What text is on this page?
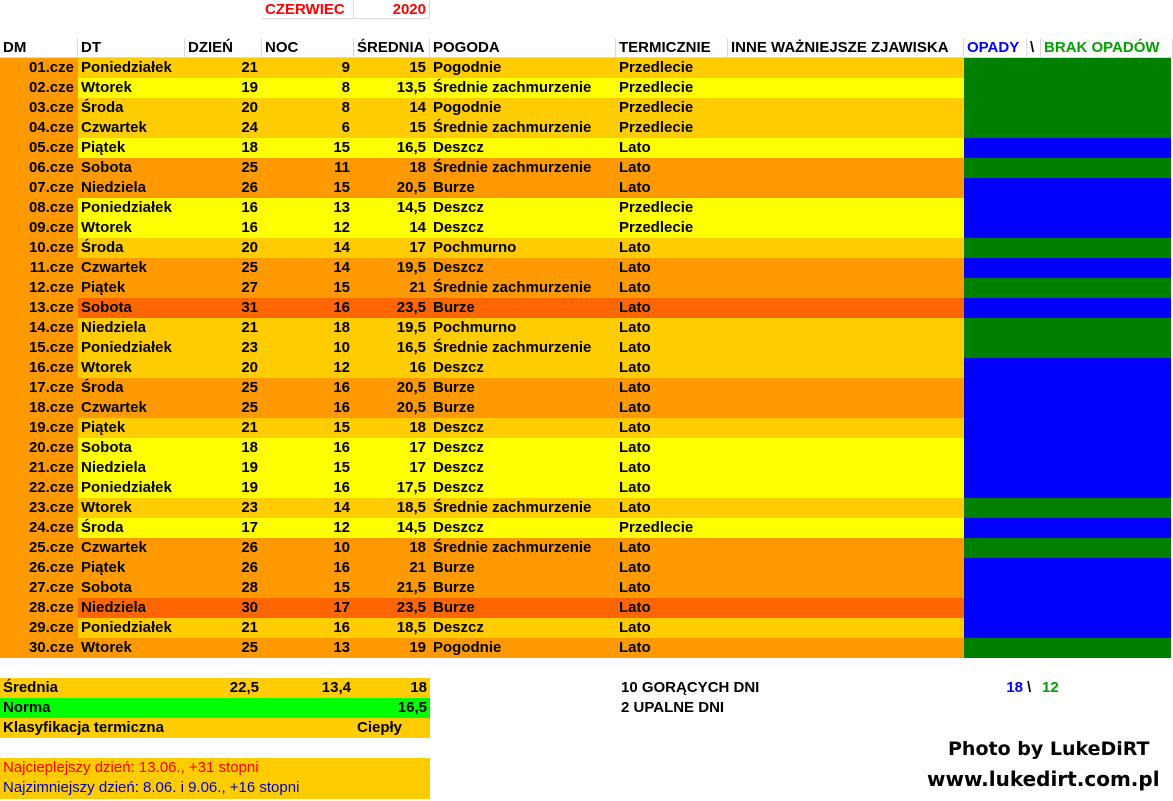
CZERWIEC	2020
DM	DT	DZIEŃ	NOC	ŚREDNIA POGODA	TERMICZNIE	INNE WAŻNIEJSZE ZJAWISKA	OPADY \ BRAK OPADÓW
01.cze Poniedziałek	21	9	15 Pogodnie	Przedlecie
02.cze Wtorek	19	8	13,5 Średnie zachmurzenie	Przedlecie
03.cze Środa	20	8	14 Pogodnie	Przedlecie
04.cze Czwartek	24	6	15 Średnie zachmurzenie	Przedlecie
05.cze Piątek	18	15	16,5 Deszcz	Lato
06.cze Sobota	25	11	18 Średnie zachmurzenie	Lato
07.cze Niedziela	26	15	20,5 Burze	Lato
08.cze Poniedziałek	16	13	14,5 Deszcz	Przedlecie
09.cze Wtorek	16	12	14 Deszcz	Przedlecie
10.cze Środa	20	14	17 Pochmurno	Lato
11.cze Czwartek	25	14	19,5 Deszcz	Lato
12.cze Piątek	27	15	21 Średnie zachmurzenie	Lato
13.cze Sobota	31	16	23,5 Burze	Lato
14.cze Niedziela	21	18	19,5 Pochmurno	Lato
15.cze Poniedziałek	23	10	16,5 Średnie zachmurzenie	Lato
16.cze Wtorek	20	12	16 Deszcz	Lato
17.cze Środa	25	16	20,5 Burze	Lato
18.cze Czwartek	25	16	20,5 Burze	Lato
19.cze Piątek	21	15	18 Deszcz	Lato
20.cze Sobota	18	16	17 Deszcz	Lato
21.cze Niedziela	19	15	17 Deszcz	Lato
22.cze Poniedziałek	19	16	17,5 Deszcz	Lato
23.cze Wtorek	23	14	18,5 Średnie zachmurzenie	Lato
24.cze Środa	17	12	14,5 Deszcz	Przedlecie
25.cze Czwartek	26	10	18 Średnie zachmurzenie	Lato
26.cze Piątek	26	16	21 Burze	Lato
27.cze Sobota	28	15	21,5 Burze	Lato
28.cze Niedziela	30	17	23,5 Burze	Lato
29.cze Poniedziałek	21	16	18,5 Deszcz	Lato
30.cze Wtorek	25	13	19 Pogodnie	Lato
Średnia	22,5	13,4	18
Norma	16,5
Klasyfikacja termiczna	Ciepły
10 GORĄCYCH DNI
2 UPALNE DNI
18 \ 12
Najcieplejszy dzień: 13.06., +31 stopni
Najzimniejszy dzień: 8.06. i 9.06., +16 stopni
Photo by LukeDiRT
www.lukedirt.com.pl
